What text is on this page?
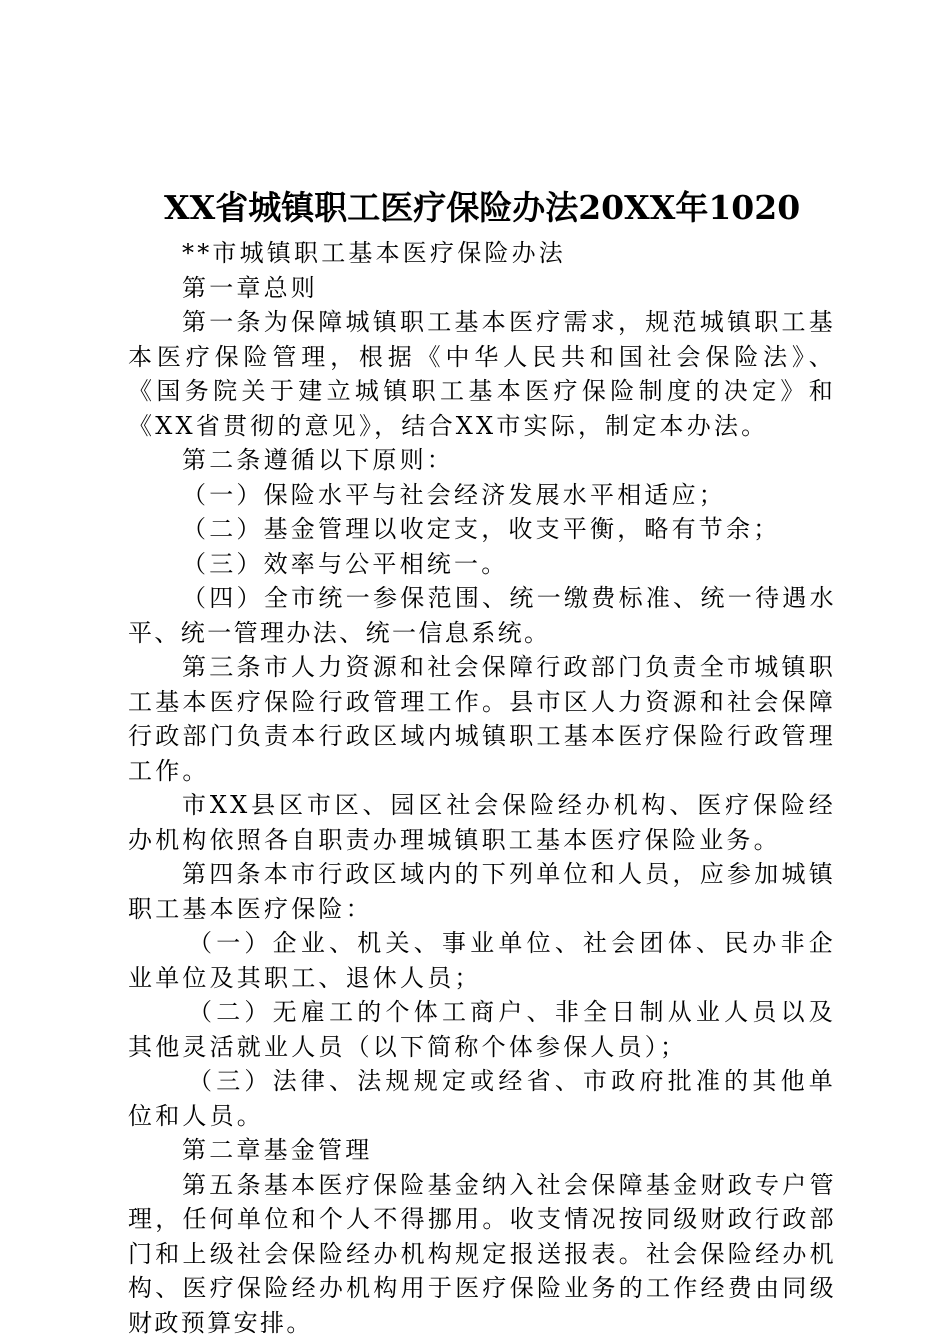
XX省城镇职工医疗保险办法20XX年1020

**市城镇职工基本医疗保险办法

第一章总则

第一条为保障城镇职工基本医疗需求，规范城镇职工基本医疗保险管理，根据《中华人民共和国社会保险法》、《国务院关于建立城镇职工基本医疗保险制度的决定》和《XX省贯彻的意见》，结合XX市实际，制定本办法。

第二条遵循以下原则：

（一）保险水平与社会经济发展水平相适应；

（二）基金管理以收定支，收支平衡，略有节余；

（三）效率与公平相统一。

（四）全市统一参保范围、统一缴费标准、统一待遇水平、统一管理办法、统一信息系统。

第三条市人力资源和社会保障行政部门负责全市城镇职工基本医疗保险行政管理工作。县市区人力资源和社会保障行政部门负责本行政区域内城镇职工基本医疗保险行政管理工作。

市XX县区市区、园区社会保险经办机构、医疗保险经办机构依照各自职责办理城镇职工基本医疗保险业务。

第四条本市行政区域内的下列单位和人员，应参加城镇职工基本医疗保险：

（一）企业、机关、事业单位、社会团体、民办非企业单位及其职工、退休人员；

（二）无雇工的个体工商户、非全日制从业人员以及其他灵活就业人员（以下简称个体参保人员）；

（三）法律、法规规定或经省、市政府批准的其他单位和人员。

第二章基金管理

第五条基本医疗保险基金纳入社会保障基金财政专户管理，任何单位和个人不得挪用。收支情况按同级财政行政部门和上级社会保险经办机构规定报送报表。社会保险经办机构、医疗保险经办机构用于医疗保险业务的工作经费由同级财政预算安排。
